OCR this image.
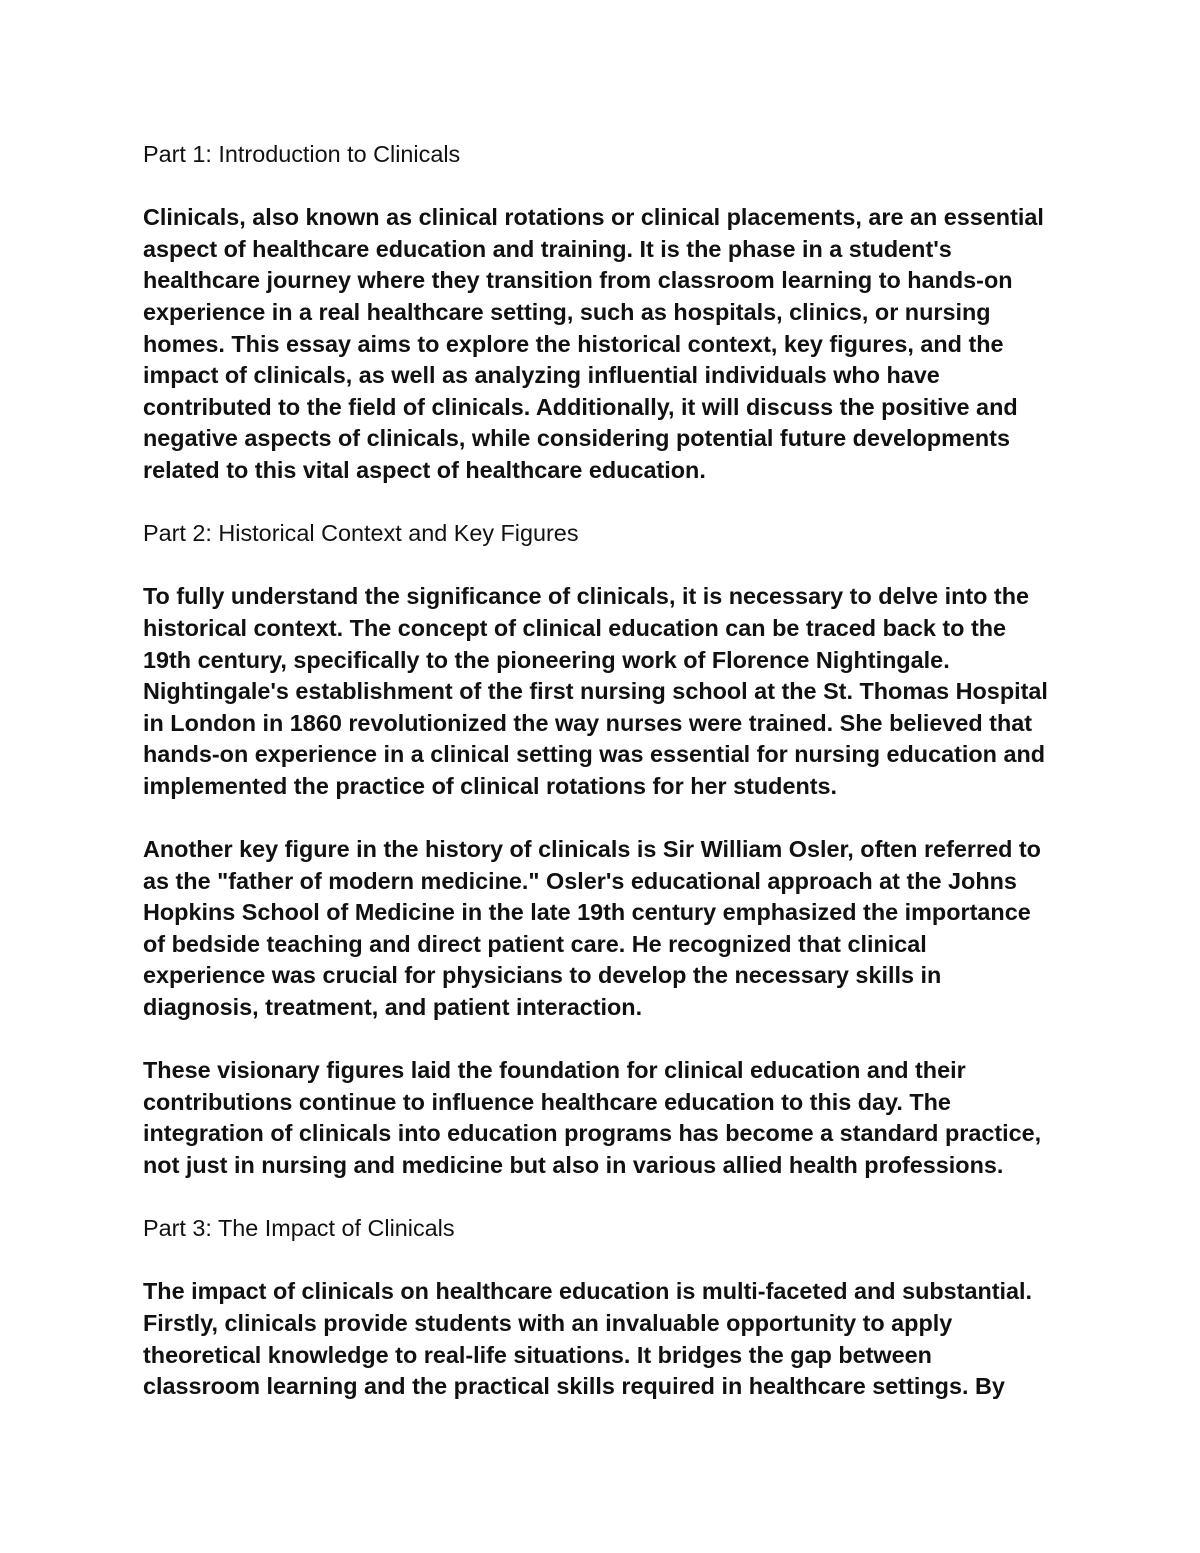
Part 1: Introduction to Clinicals
Clinicals, also known as clinical rotations or clinical placements, are an essential
aspect of healthcare education and training. It is the phase in a student's
healthcare journey where they transition from classroom learning to hands-on
experience in a real healthcare setting, such as hospitals, clinics, or nursing
homes. This essay aims to explore the historical context, key figures, and the
impact of clinicals, as well as analyzing influential individuals who have
contributed to the field of clinicals. Additionally, it will discuss the positive and
negative aspects of clinicals, while considering potential future developments
related to this vital aspect of healthcare education.
Part 2: Historical Context and Key Figures
To fully understand the significance of clinicals, it is necessary to delve into the
historical context. The concept of clinical education can be traced back to the
19th century, specifically to the pioneering work of Florence Nightingale.
Nightingale's establishment of the first nursing school at the St. Thomas Hospital
in London in 1860 revolutionized the way nurses were trained. She believed that
hands-on experience in a clinical setting was essential for nursing education and
implemented the practice of clinical rotations for her students.
Another key figure in the history of clinicals is Sir William Osler, often referred to
as the "father of modern medicine." Osler's educational approach at the Johns
Hopkins School of Medicine in the late 19th century emphasized the importance
of bedside teaching and direct patient care. He recognized that clinical
experience was crucial for physicians to develop the necessary skills in
diagnosis, treatment, and patient interaction.
These visionary figures laid the foundation for clinical education and their
contributions continue to influence healthcare education to this day. The
integration of clinicals into education programs has become a standard practice,
not just in nursing and medicine but also in various allied health professions.
Part 3: The Impact of Clinicals
The impact of clinicals on healthcare education is multi-faceted and substantial.
Firstly, clinicals provide students with an invaluable opportunity to apply
theoretical knowledge to real-life situations. It bridges the gap between
classroom learning and the practical skills required in healthcare settings. By
